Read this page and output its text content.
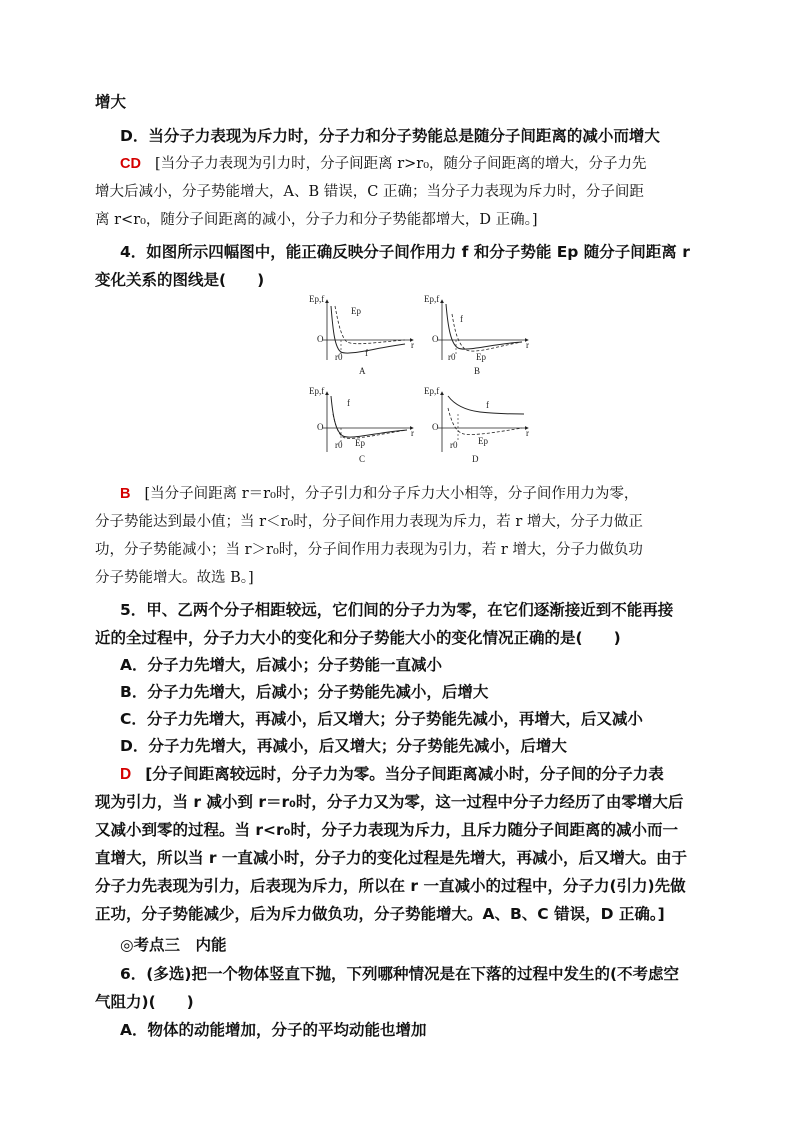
增大
D．当分子力表现为斥力时，分子力和分子势能总是随分子间距离的减小而增大
CD [当分子力表现为引力时，分子间距离 r>r₀，随分子间距离的增大，分子力先
增大后减小，分子势能增大，A、B 错误，C 正确；当分子力表现为斥力时，分子间距
离 r<r₀，随分子间距离的减小，分子力和分子势能都增大，D 正确。]
4．如图所示四幅图中，能正确反映分子间作用力 f 和分子势能 Ep 随分子间距离 r
变化关系的图线是(　　)
Ep,f
O
r
r0
Ep
f
A
Ep,f
O
r
r0
f
Ep
B
Ep,f
O
r
r0
f
Ep
C
Ep,f
O
r
r0
f
Ep
D
B [当分子间距离 r＝r₀时，分子引力和分子斥力大小相等，分子间作用力为零，
分子势能达到最小值；当 r＜r₀时，分子间作用力表现为斥力，若 r 增大，分子力做正
功，分子势能减小；当 r＞r₀时，分子间作用力表现为引力，若 r 增大，分子力做负功
分子势能增大。故选 B。]
5．甲、乙两个分子相距较远，它们间的分子力为零，在它们逐渐接近到不能再接
近的全过程中，分子力大小的变化和分子势能大小的变化情况正确的是(　　)
A．分子力先增大，后减小；分子势能一直减小
B．分子力先增大，后减小；分子势能先减小，后增大
C．分子力先增大，再减小，后又增大；分子势能先减小，再增大，后又减小
D．分子力先增大，再减小，后又增大；分子势能先减小，后增大
D [分子间距离较远时，分子力为零。当分子间距离减小时，分子间的分子力表
现为引力，当 r 减小到 r＝r₀时，分子力又为零，这一过程中分子力经历了由零增大后
又减小到零的过程。当 r<r₀时，分子力表现为斥力，且斥力随分子间距离的减小而一
直增大，所以当 r 一直减小时，分子力的变化过程是先增大，再减小，后又增大。由于
分子力先表现为引力，后表现为斥力，所以在 r 一直减小的过程中，分子力(引力)先做
正功，分子势能减少，后为斥力做负功，分子势能增大。A、B、C 错误，D 正确。]
◎考点三　内能
6．(多选)把一个物体竖直下抛，下列哪种情况是在下落的过程中发生的(不考虑空
气阻力)(　　)
A．物体的动能增加，分子的平均动能也增加
